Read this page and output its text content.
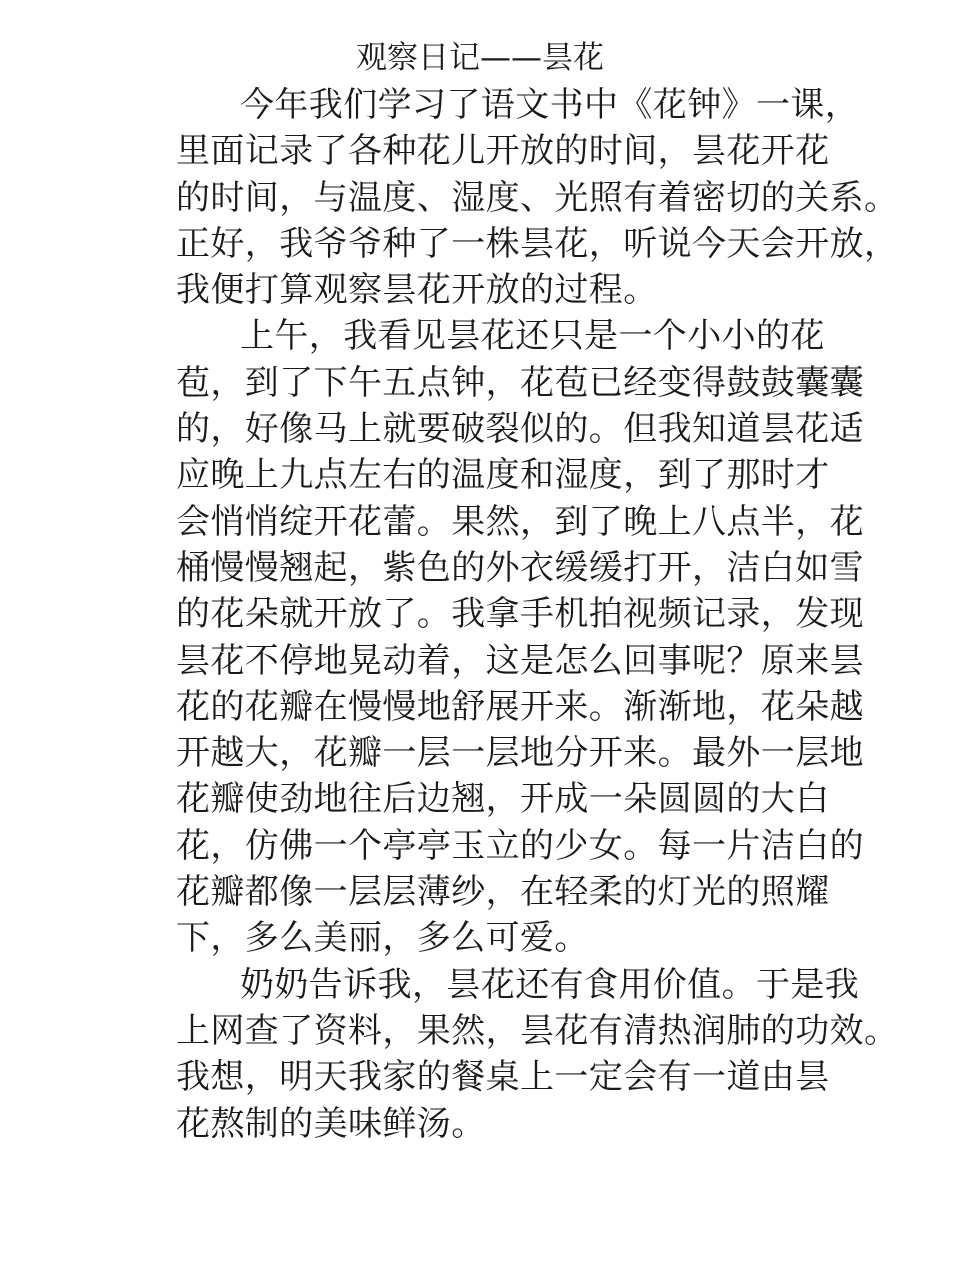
观察日记——昙花
今年我们学习了语文书中《花钟》一课，
里面记录了各种花儿开放的时间，昙花开花
的时间，与温度、湿度、光照有着密切的关系。
正好，我爷爷种了一株昙花，听说今天会开放，
我便打算观察昙花开放的过程。
上午，我看见昙花还只是一个小小的花
苞，到了下午五点钟，花苞已经变得鼓鼓囊囊
的，好像马上就要破裂似的。但我知道昙花适
应晚上九点左右的温度和湿度，到了那时才
会悄悄绽开花蕾。果然，到了晚上八点半，花
桶慢慢翘起，紫色的外衣缓缓打开，洁白如雪
的花朵就开放了。我拿手机拍视频记录，发现
昙花不停地晃动着，这是怎么回事呢？原来昙
花的花瓣在慢慢地舒展开来。渐渐地，花朵越
开越大，花瓣一层一层地分开来。最外一层地
花瓣使劲地往后边翘，开成一朵圆圆的大白
花，仿佛一个亭亭玉立的少女。每一片洁白的
花瓣都像一层层薄纱，在轻柔的灯光的照耀
下，多么美丽，多么可爱。
奶奶告诉我，昙花还有食用价值。于是我
上网查了资料，果然，昙花有清热润肺的功效。
我想，明天我家的餐桌上一定会有一道由昙
花熬制的美味鲜汤。
